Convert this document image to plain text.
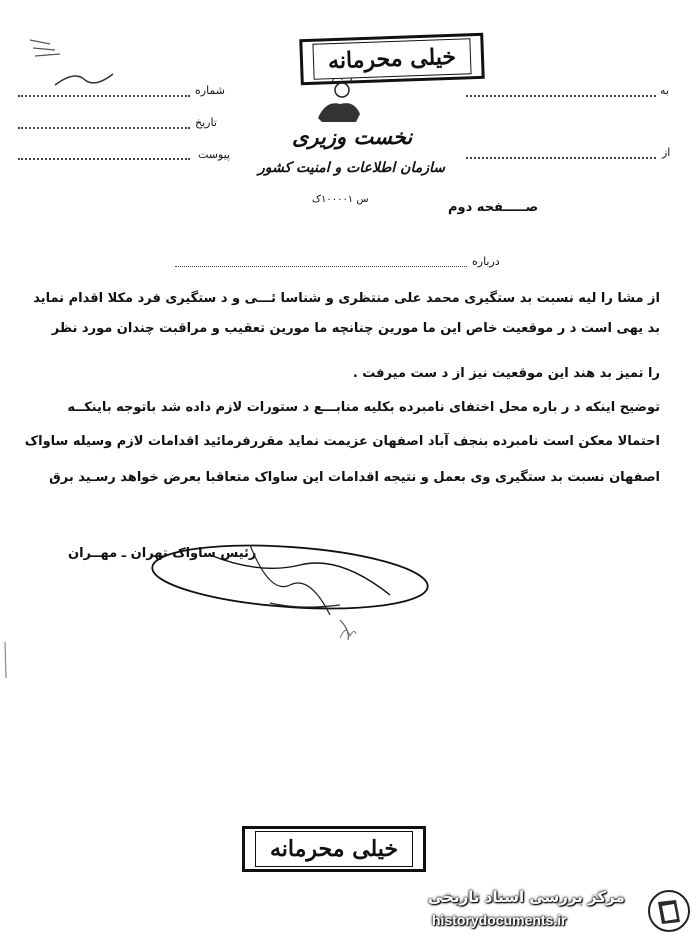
شماره
تاریخ
پیوست
به
از
خیلی محرمانه
نخست وزیری
سازمان اطلاعات و امنیت کشور
س ۱۰۰۰۰۱ک
صـــــفحه دوم
درباره
از مشا را لیه نسبت بد ستگیری محمد علی منتظری و شناسا ئـــی و د ستگیری فرد مکلا اقدام نماید
بد یهی است د ر موقعیت خاص این ما مورین چنانچه ما مورین تعقیب و مراقبت چندان مورد نظر
را تمیز بد هند این موقعیت نیز از د ست میرفت .
توضیح اینکه د ر باره محل اختفای نامبرده بکلیه منابـــع د ستورات لازم داده شد باتوجه باینکــه
احتمالا معکن است نامبرده بنجف آباد اصفهان عزیمت نماید مقررفرمائید اقدامات لازم وسیله ساواک
اصفهان نسبت بد ستگیری وی بعمل و نتیجه اقدامات این ساواک متعاقبا بعرض خواهد رسـید برق
رئیس ساواک تهران ـ مهــران
خیلی محرمانه
مرکز بررسی اسناد تاریخی
historydocuments.ir
